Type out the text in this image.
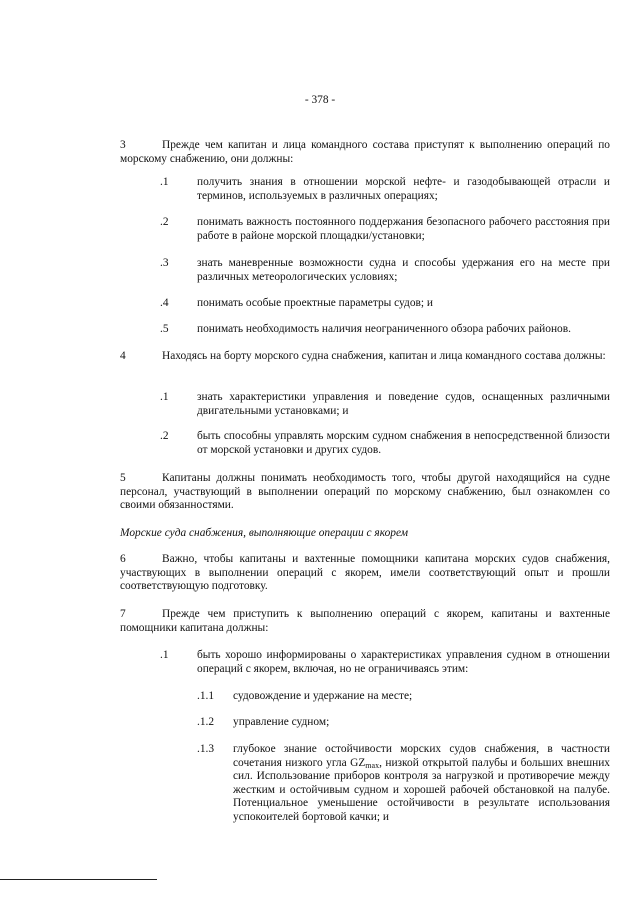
- 378 -
3	Прежде чем капитан и лица командного состава приступят к выполнению операций по морскому снабжению, они должны:
.1 получить знания в отношении морской нефте- и газодобывающей отрасли и терминов, используемых в различных операциях;
.2 понимать важность постоянного поддержания безопасного рабочего расстояния при работе в районе морской площадки/установки;
.3 знать маневренные возможности судна и способы удержания его на месте при различных метеорологических условиях;
.4 понимать особые проектные параметры судов; и
.5 понимать необходимость наличия неограниченного обзора рабочих районов.
4	Находясь на борту морского судна снабжения, капитан и лица командного состава должны:
.1 знать характеристики управления и поведение судов, оснащенных различными двигательными установками; и
.2 быть способны управлять морским судном снабжения в непосредственной близости от морской установки и других судов.
5	Капитаны должны понимать необходимость того, чтобы другой находящийся на судне персонал, участвующий в выполнении операций по морскому снабжению, был ознакомлен со своими обязанностями.
Морские суда снабжения, выполняющие операции с якорем
6	Важно, чтобы капитаны и вахтенные помощники капитана морских судов снабжения, участвующих в выполнении операций с якорем, имели соответствующий опыт и прошли соответствующую подготовку.
7	Прежде чем приступить к выполнению операций с якорем, капитаны и вахтенные помощники капитана должны:
.1 быть хорошо информированы о характеристиках управления судном в отношении операций с якорем, включая, но не ограничиваясь этим:
.1.1 судовождение и удержание на месте;
.1.2 управление судном;
.1.3 глубокое знание остойчивости морских судов снабжения, в частности сочетания низкого угла $GZ_{max}$, низкой открытой палубы и больших внешних сил. Использование приборов контроля за нагрузкой и противоречие между жестким и остойчивым судном и хорошей рабочей обстановкой на палубе. Потенциальное уменьшение остойчивости в результате использования успокоителей бортовой качки; и
